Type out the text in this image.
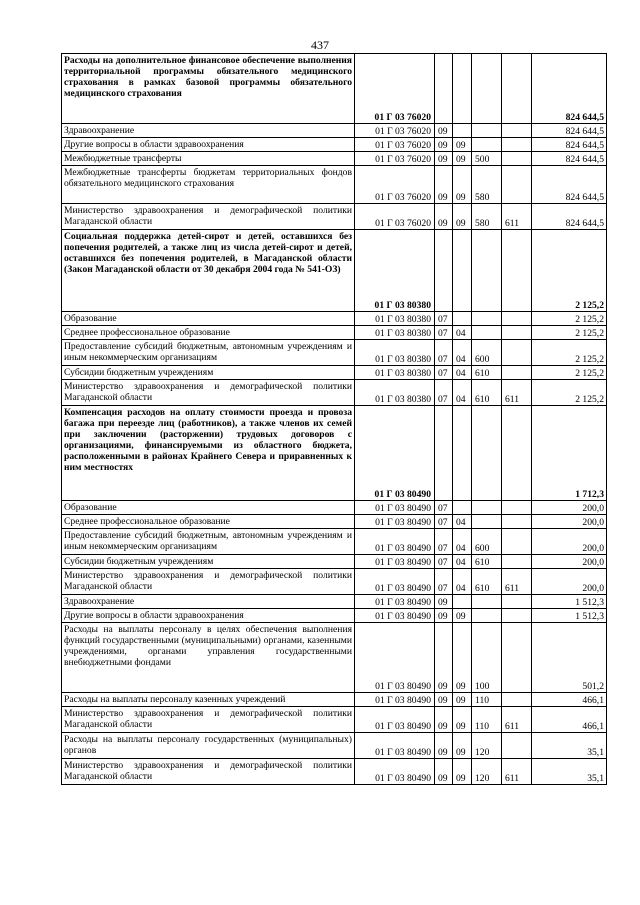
437
Расходы на дополнительное финансовое обеспечение выполнения территориальной программы обязательного медицинского страхования в рамках базовой программы обязательного медицинского страхования	01 Г 03 76020					824 644,5
Здравоохранение	01 Г 03 76020	09				824 644,5
Другие вопросы в области здравоохранения	01 Г 03 76020	09	09			824 644,5
Межбюджетные трансферты	01 Г 03 76020	09	09	500		824 644,5
Межбюджетные трансферты бюджетам территориальных фондов обязательного медицинского страхования	01 Г 03 76020	09	09	580		824 644,5
Министерство здравоохранения и демографической политики Магаданской области	01 Г 03 76020	09	09	580	611	824 644,5
Социальная поддержка детей-сирот и детей, оставшихся без попечения родителей, а также лиц из числа детей-сирот и детей, оставшихся без попечения родителей, в Магаданской области (Закон Магаданской области от 30 декабря 2004 года № 541-ОЗ)	01 Г 03 80380					2 125,2
Образование	01 Г 03 80380	07				2 125,2
Среднее профессиональное образование	01 Г 03 80380	07	04			2 125,2
Предоставление субсидий бюджетным, автономным учреждениям и иным некоммерческим организациям	01 Г 03 80380	07	04	600		2 125,2
Субсидии бюджетным учреждениям	01 Г 03 80380	07	04	610		2 125,2
Министерство здравоохранения и демографической политики Магаданской области	01 Г 03 80380	07	04	610	611	2 125,2
Компенсация расходов на оплату стоимости проезда и провоза багажа при переезде лиц (работников), а также членов их семей при заключении (расторжении) трудовых договоров с организациями, финансируемыми из областного бюджета, расположенными в районах Крайнего Севера и приравненных к ним местностях	01 Г 03 80490					1 712,3
Образование	01 Г 03 80490	07				200,0
Среднее профессиональное образование	01 Г 03 80490	07	04			200,0
Предоставление субсидий бюджетным, автономным учреждениям и иным некоммерческим организациям	01 Г 03 80490	07	04	600		200,0
Субсидии бюджетным учреждениям	01 Г 03 80490	07	04	610		200,0
Министерство здравоохранения и демографической политики Магаданской области	01 Г 03 80490	07	04	610	611	200,0
Здравоохранение	01 Г 03 80490	09				1 512,3
Другие вопросы в области здравоохранения	01 Г 03 80490	09	09			1 512,3
Расходы на выплаты персоналу в целях обеспечения выполнения функций государственными (муниципальными) органами, казенными учреждениями, органами управления государственными внебюджетными фондами	01 Г 03 80490	09	09	100		501,2
Расходы на выплаты персоналу казенных учреждений	01 Г 03 80490	09	09	110		466,1
Министерство здравоохранения и демографической политики Магаданской области	01 Г 03 80490	09	09	110	611	466,1
Расходы на выплаты персоналу государственных (муниципальных) органов	01 Г 03 80490	09	09	120		35,1
Министерство здравоохранения и демографической политики Магаданской области	01 Г 03 80490	09	09	120	611	35,1
